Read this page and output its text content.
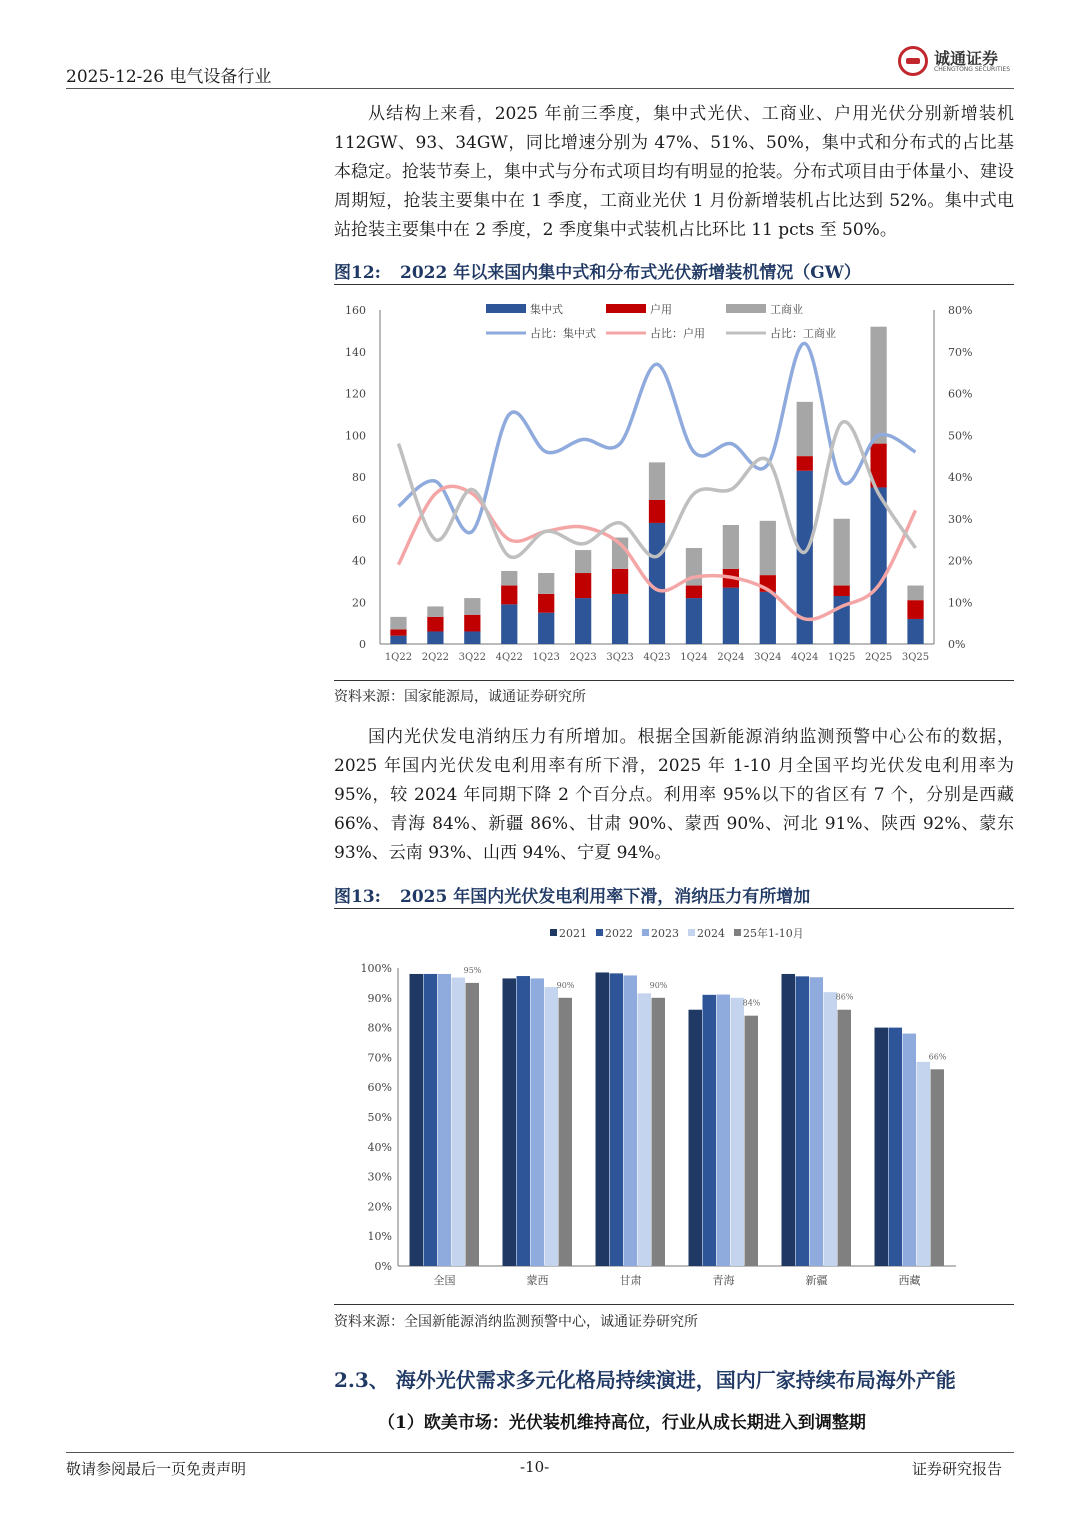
2025-12-26 电气设备行业
诚通证券
CHENGTONG SECURITIES

从结构上来看，2025 年前三季度，集中式光伏、工商业、户用光伏分别新增装机 112GW、93、34GW，同比增速分别为 47%、51%、50%，集中式和分布式的占比基本稳定。抢装节奏上，集中式与分布式项目均有明显的抢装。分布式项目由于体量小、建设周期短，抢装主要集中在 1 季度，工商业光伏 1 月份新增装机占比达到 52%。集中式电站抢装主要集中在 2 季度，2 季度集中式装机占比环比 11 pcts 至 50%。

图12: 2022 年以来国内集中式和分布式光伏新增装机情况（GW）
0
20
40
60
80
100
120
140
160
0%
10%
20%
30%
40%
50%
60%
70%
80%
1Q22 2Q22 3Q22 4Q22 1Q23 2Q23 3Q23 4Q23 1Q24 2Q24 3Q24 4Q24 1Q25 2Q25 3Q25
集中式	户用	工商业
占比：集中式	占比：户用	占比：工商业
资料来源：国家能源局，诚通证券研究所

国内光伏发电消纳压力有所增加。根据全国新能源消纳监测预警中心公布的数据，2025 年国内光伏发电利用率有所下滑，2025 年 1-10 月全国平均光伏发电利用率为 95%，较 2024 年同期下降 2 个百分点。利用率 95%以下的省区有 7 个，分别是西藏 66%、青海 84%、新疆 86%、甘肃 90%、蒙西 90%、河北 91%、陕西 92%、蒙东 93%、云南 93%、山西 94%、宁夏 94%。

图13: 2025 年国内光伏发电利用率下滑，消纳压力有所增加
0%
10%
20%
30%
40%
50%
60%
70%
80%
90%
100%	95%
全国
90%
蒙西
90%
甘肃
84%
青海
86%
新疆
66%
西藏
2021 2022 2023 2024 25年1-10月
资料来源：全国新能源消纳监测预警中心，诚通证券研究所
2.3、 海外光伏需求多元化格局持续演进，国内厂家持续布局海外产能
（1）欧美市场：光伏装机维持高位，行业从成长期进入到调整期
敬请参阅最后一页免责声明	-10-	证券研究报告
